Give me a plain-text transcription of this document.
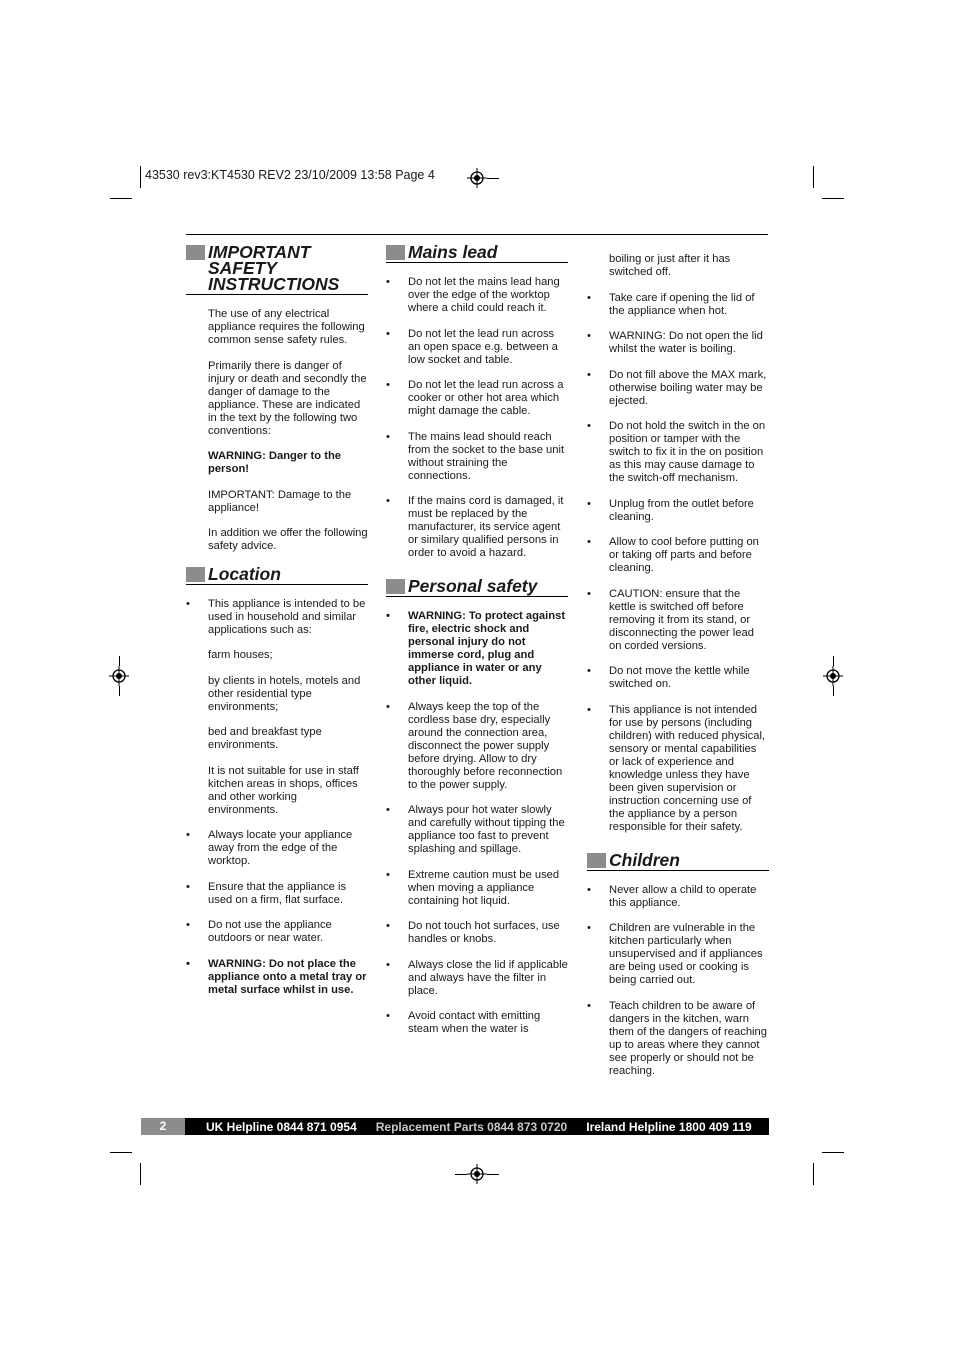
43530 rev3:KT4530 REV2 23/10/2009 13:58 Page 4
IMPORTANT SAFETY INSTRUCTIONS

The use of any electrical appliance requires the following common sense safety rules.

Primarily there is danger of injury or death and secondly the danger of damage to the appliance. These are indicated in the text by the following two conventions:

WARNING: Danger to the person!

IMPORTANT: Damage to the appliance!

In addition we offer the following safety advice.

Location
• This appliance is intended to be used in household and similar applications such as:
farm houses;
by clients in hotels, motels and other residential type environments;
bed and breakfast type environments.
It is not suitable for use in staff kitchen areas in shops, offices and other working environments.
• Always locate your appliance away from the edge of the worktop.
• Ensure that the appliance is used on a firm, flat surface.
• Do not use the appliance outdoors or near water.
• WARNING: Do not place the appliance onto a metal tray or metal surface whilst in use.
Mains lead
• Do not let the mains lead hang over the edge of the worktop where a child could reach it.
• Do not let the lead run across an open space e.g. between a low socket and table.
• Do not let the lead run across a cooker or other hot area which might damage the cable.
• The mains lead should reach from the socket to the base unit without straining the connections.
• If the mains cord is damaged, it must be replaced by the manufacturer, its service agent or similary qualified persons in order to avoid a hazard.
Personal safety
• WARNING: To protect against fire, electric shock and personal injury do not immerse cord, plug and appliance in water or any other liquid.
• Always keep the top of the cordless base dry, especially around the connection area, disconnect the power supply before drying. Allow to dry thoroughly before reconnection to the power supply.
• Always pour hot water slowly and carefully without tipping the appliance too fast to prevent splashing and spillage.
• Extreme caution must be used when moving a appliance containing hot liquid.
• Do not touch hot surfaces, use handles or knobs.
• Always close the lid if applicable and always have the filter in place.
• Avoid contact with emitting steam when the water is
boiling or just after it has switched off.
• Take care if opening the lid of the appliance when hot.
• WARNING: Do not open the lid whilst the water is boiling.
• Do not fill above the MAX mark, otherwise boiling water may be ejected.
• Do not hold the switch in the on position or tamper with the switch to fix it in the on position as this may cause damage to the switch-off mechanism.
• Unplug from the outlet before cleaning.
• Allow to cool before putting on or taking off parts and before cleaning.
• CAUTION: ensure that the kettle is switched off before removing it from its stand, or disconnecting the power lead on corded versions.
• Do not move the kettle while switched on.
• This appliance is not intended for use by persons (including children) with reduced physical, sensory or mental capabilities or lack of experience and knowledge unless they have been given supervision or instruction concerning use of the appliance by a person responsible for their safety.
Children
• Never allow a child to operate this appliance.
• Children are vulnerable in the kitchen particularly when unsupervised and if appliances are being used or cooking is being carried out.
• Teach children to be aware of dangers in the kitchen, warn them of the dangers of reaching up to areas where they cannot see properly or should not be reaching.
2	UK Helpline 0844 871 0954 Replacement Parts 0844 873 0720 Ireland Helpline 1800 409 119
